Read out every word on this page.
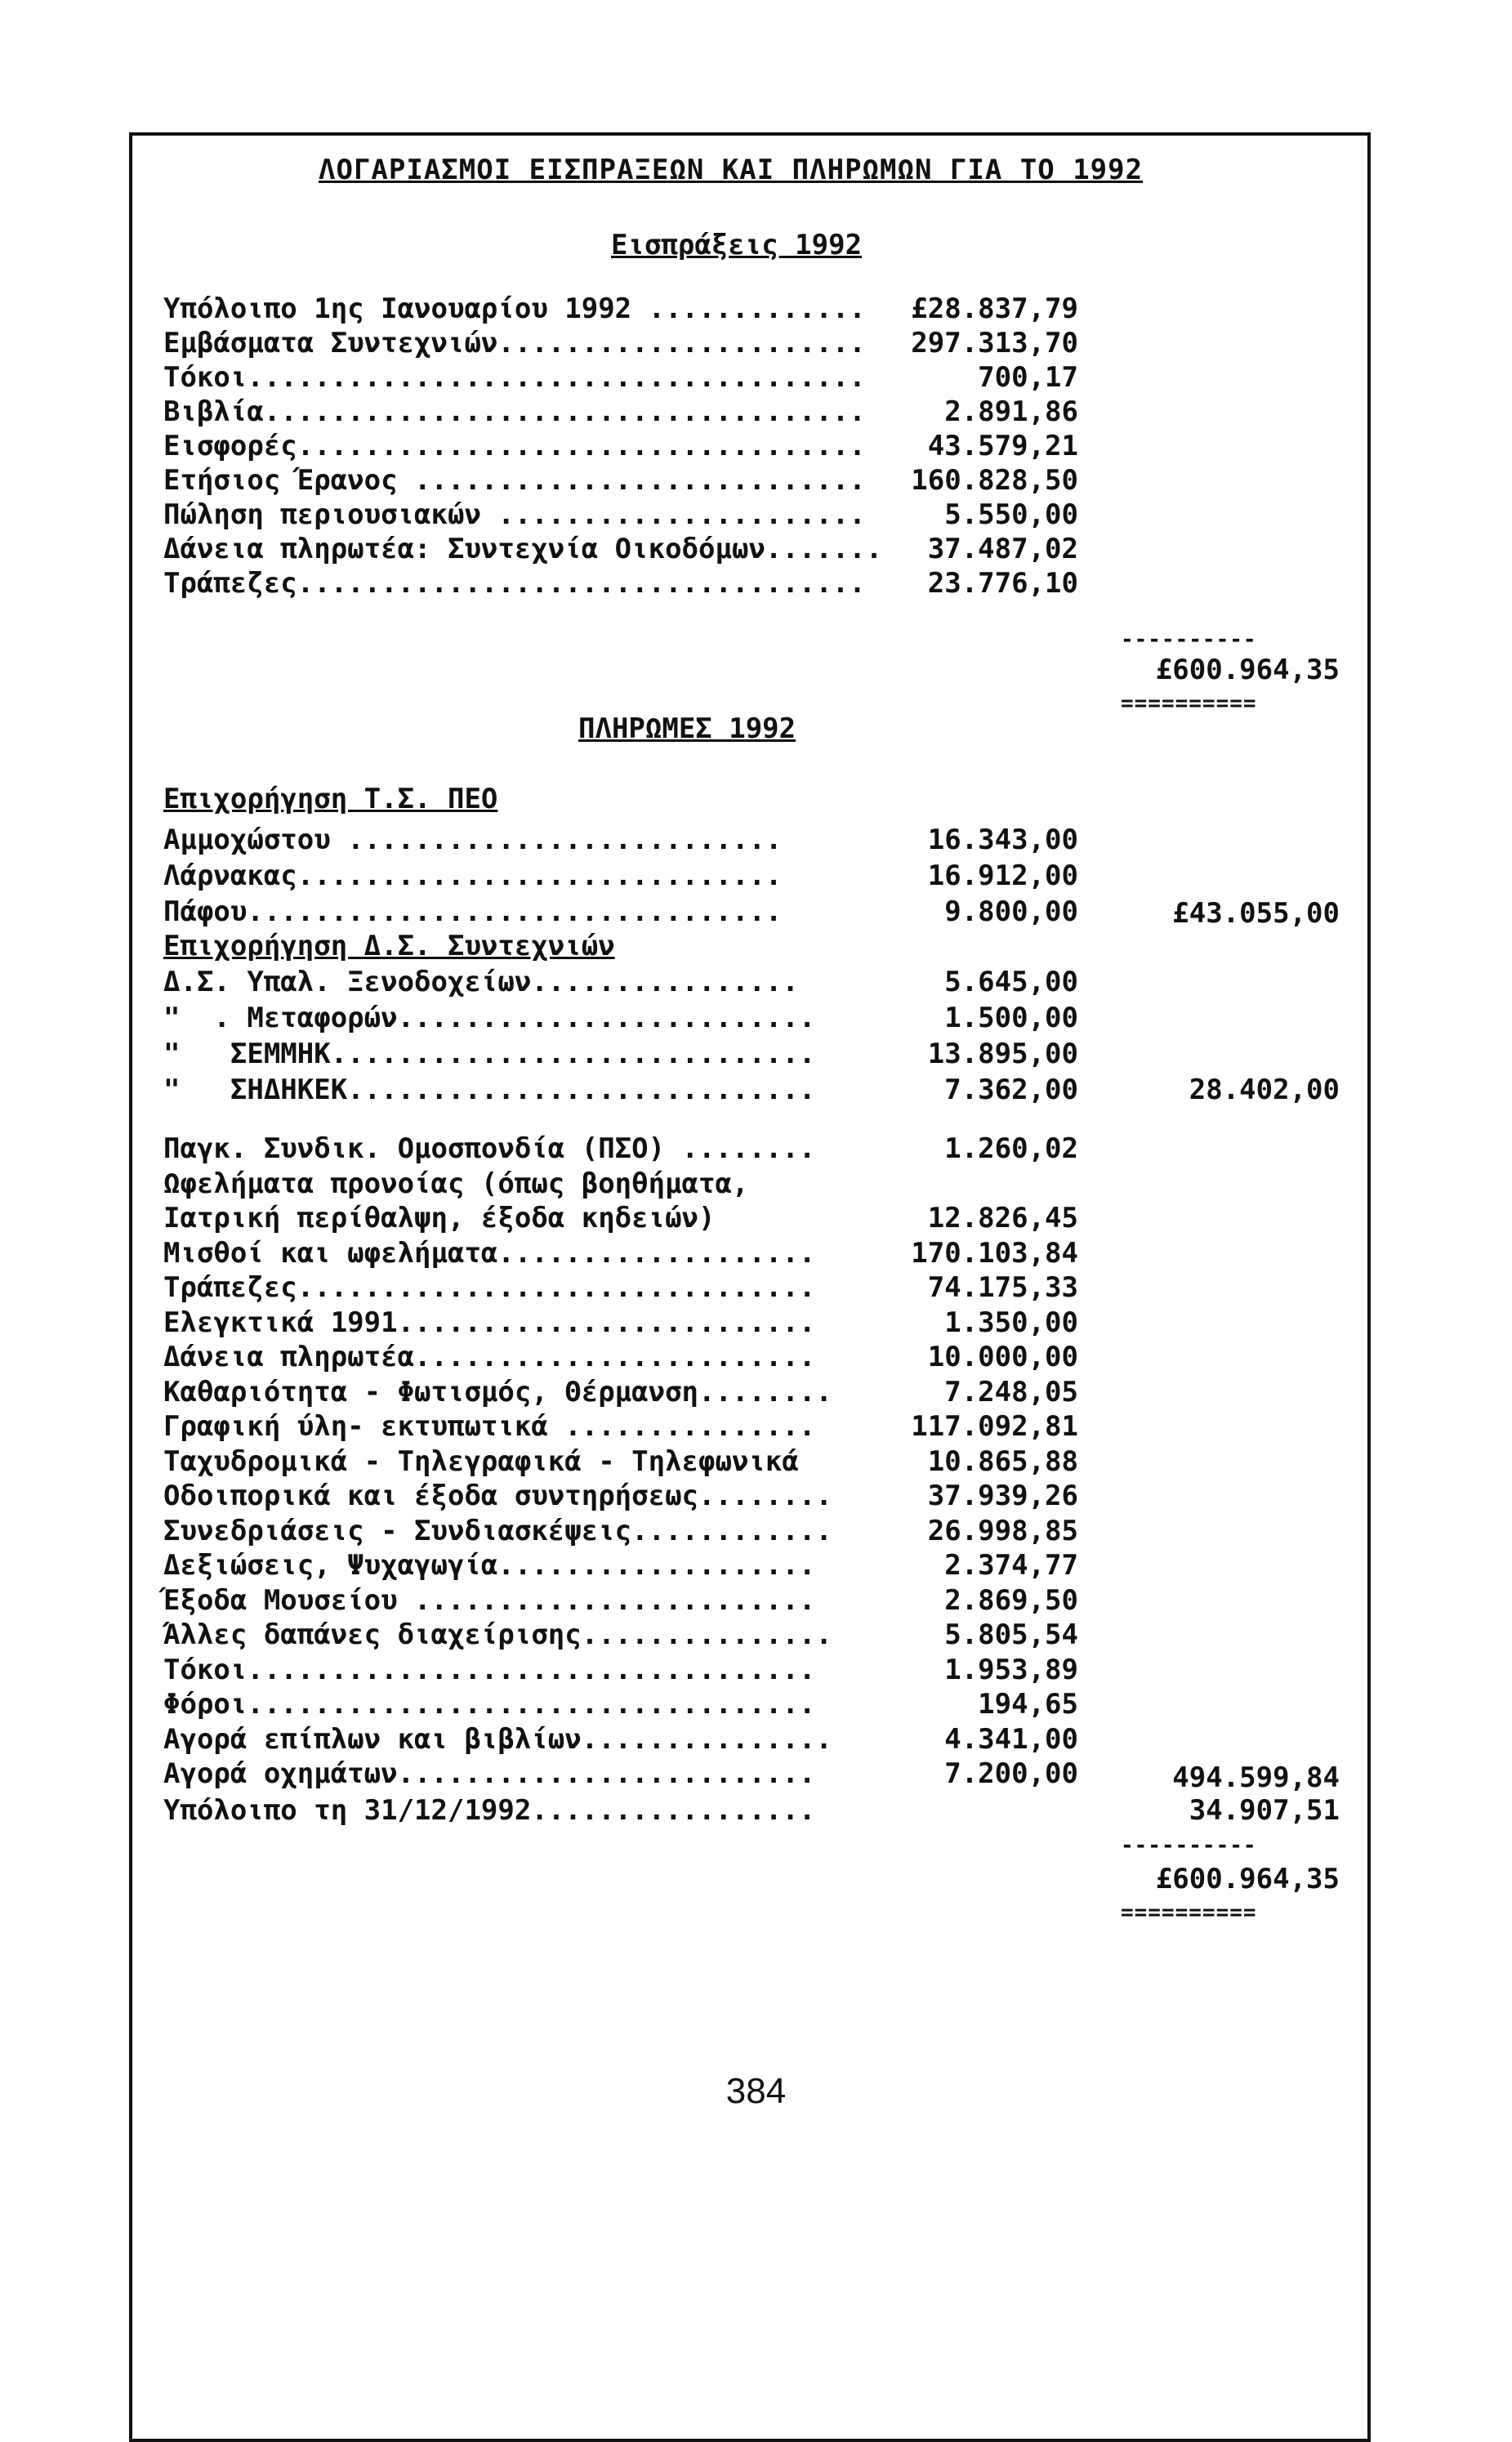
ΛΟΓΑΡΙΑΣΜΟΙ ΕΙΣΠΡΑΞΕΩΝ ΚΑΙ ΠΛΗΡΩΜΩΝ ΓΙΑ ΤΟ 1992
Εισπράξεις 1992
Υπόλοιπο 1ης Ιανουαρίου 1992 .............	£28.837,79
Εμβάσματα Συντεχνιών......................	297.313,70
Τόκοι.....................................	700,17
Βιβλία....................................	2.891,86
Εισφορές..................................	43.579,21
Ετήσιος Έρανος ...........................	160.828,50
Πώληση περιουσιακών ......................	5.550,00
Δάνεια πληρωτέα: Συντεχνία Οικοδόμων.......	37.487,02
Τράπεζες..................................	23.776,10
----------
£600.964,35
==========
ΠΛΗΡΩΜΕΣ 1992
Επιχορήγηση Τ.Σ. ΠΕΟ
Αμμοχώστου ..........................	16.343,00
Λάρνακας.............................	16.912,00
Πάφου................................	9.800,00	£43.055,00
Επιχορήγηση Δ.Σ. Συντεχνιών
Δ.Σ. Υπαλ. Ξενοδοχείων................	5.645,00
"  . Μεταφορών.........................	1.500,00
"   ΣΕΜΜΗΚ.............................	13.895,00
"   ΣΗΔΗΚΕΚ............................	7.362,00	28.402,00
Παγκ. Συνδικ. Ομοσπονδία (ΠΣΟ) ........	1.260,02
Ωφελήματα προνοίας (όπως βοηθήματα,
Ιατρική περίθαλψη, έξοδα κηδειών)	12.826,45
Μισθοί και ωφελήματα...................	170.103,84
Τράπεζες...............................	74.175,33
Ελεγκτικά 1991.........................	1.350,00
Δάνεια πληρωτέα........................	10.000,00
Καθαριότητα - Φωτισμός, Θέρμανση........	7.248,05
Γραφική ύλη- εκτυπωτικά ...............	117.092,81
Ταχυδρομικά - Τηλεγραφικά - Τηλεφωνικά	10.865,88
Οδοιπορικά και έξοδα συντηρήσεως........	37.939,26
Συνεδριάσεις - Συνδιασκέψεις............	26.998,85
Δεξιώσεις, Ψυχαγωγία...................	2.374,77
Έξοδα Μουσείου ........................	2.869,50
Άλλες δαπάνες διαχείρισης...............	5.805,54
Τόκοι..................................	1.953,89
Φόροι..................................	194,65
Αγορά επίπλων και βιβλίων...............	4.341,00
Αγορά οχημάτων.........................	7.200,00	494.599,84
Υπόλοιπο τη 31/12/1992.................	34.907,51
----------
£600.964,35
==========
384
